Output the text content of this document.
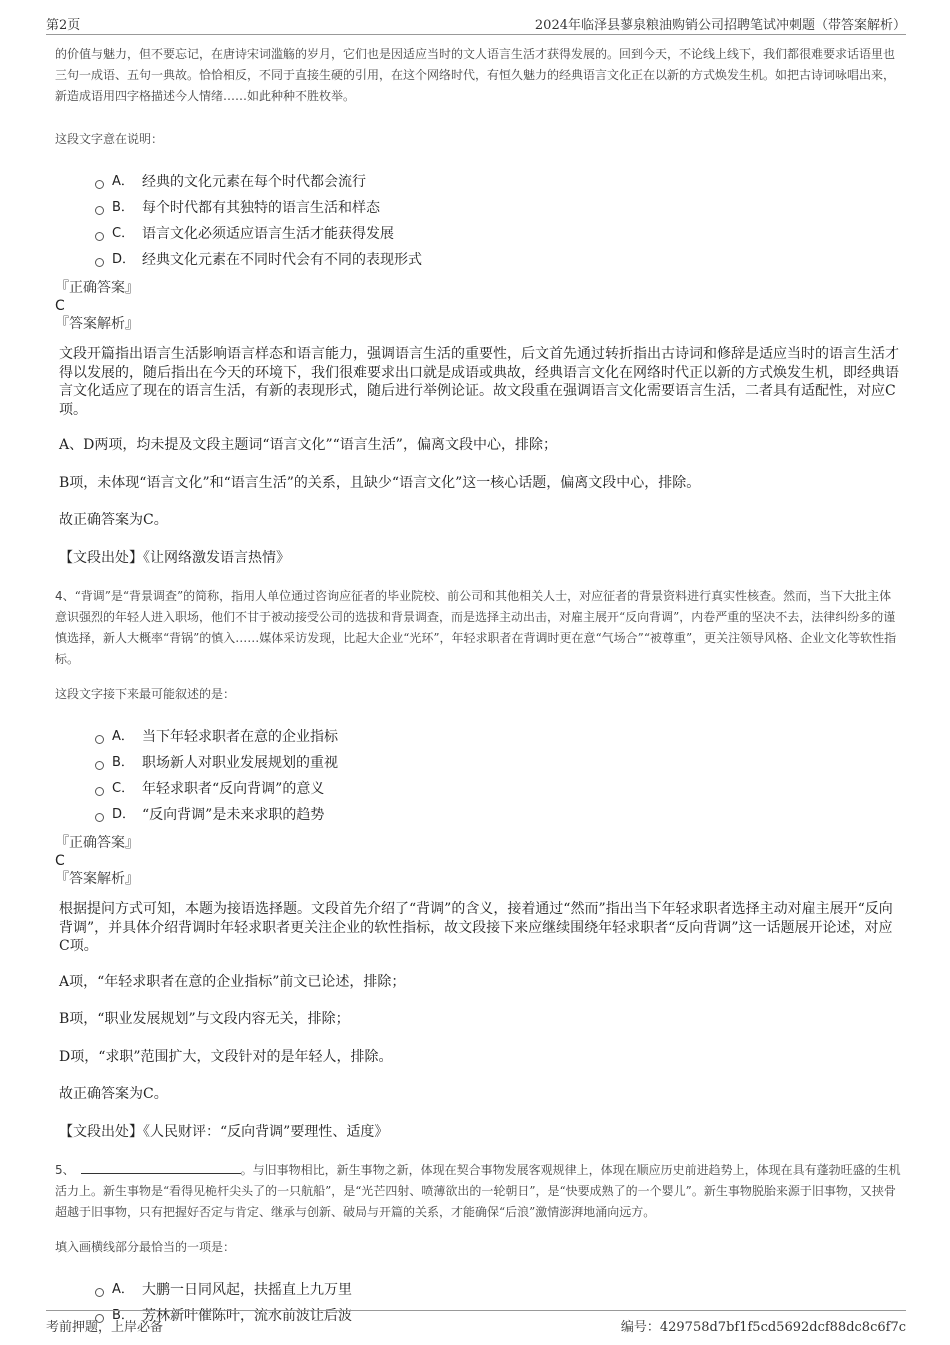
第2页	2024年临泽县蓼泉粮油购销公司招聘笔试冲刺题（带答案解析）

的价值与魅力，但不要忘记，在唐诗宋词滥觞的岁月，它们也是因适应当时的文人语言生活才获得发展的。回到今天，不论线上线下，我们都很难要求话语里也三句一成语、五句一典故。恰恰相反，不同于直接生硬的引用，在这个网络时代，有恒久魅力的经典语言文化正在以新的方式焕发生机。如把古诗词咏唱出来，新造成语用四字格描述今人情绪……如此种种不胜枚举。

这段文字意在说明：

A． 经典的文化元素在每个时代都会流行
B． 每个时代都有其独特的语言生活和样态
C． 语言文化必须适应语言生活才能获得发展
D． 经典文化元素在不同时代会有不同的表现形式

『正确答案』

C

『答案解析』

文段开篇指出语言生活影响语言样态和语言能力，强调语言生活的重要性，后文首先通过转折指出古诗词和修辞是适应当时的语言生活才得以发展的，随后指出在今天的环境下，我们很难要求出口就是成语或典故，经典语言文化在网络时代正以新的方式焕发生机，即经典语言文化适应了现在的语言生活，有新的表现形式，随后进行举例论证。故文段重在强调语言文化需要语言生活，二者具有适配性，对应C项。

A、D两项，均未提及文段主题词“语言文化”“语言生活”，偏离文段中心，排除；

B项，未体现“语言文化”和“语言生活”的关系，且缺少“语言文化”这一核心话题，偏离文段中心，排除。

故正确答案为C。

【文段出处】《让网络激发语言热情》

4、“背调”是“背景调查”的简称，指用人单位通过咨询应征者的毕业院校、前公司和其他相关人士，对应征者的背景资料进行真实性核查。然而，当下大批主体意识强烈的年轻人进入职场，他们不甘于被动接受公司的选拔和背景调查，而是选择主动出击，对雇主展开“反向背调”，内卷严重的坚决不去，法律纠纷多的谨慎选择，新人大概率“背锅”的慎入……媒体采访发现，比起大企业“光环”，年轻求职者在背调时更在意“气场合”“被尊重”，更关注领导风格、企业文化等软性指标。

这段文字接下来最可能叙述的是：

A． 当下年轻求职者在意的企业指标
B． 职场新人对职业发展规划的重视
C． 年轻求职者“反向背调”的意义
D． “反向背调”是未来求职的趋势

『正确答案』

C

『答案解析』

根据提问方式可知，本题为接语选择题。文段首先介绍了“背调”的含义，接着通过“然而”指出当下年轻求职者选择主动对雇主展开“反向背调”，并具体介绍背调时年轻求职者更关注企业的软性指标，故文段接下来应继续围绕年轻求职者“反向背调”这一话题展开论述，对应C项。

A项，“年轻求职者在意的企业指标”前文已论述，排除；

B项，“职业发展规划”与文段内容无关，排除；

D项，“求职”范围扩大，文段针对的是年轻人，排除。

故正确答案为C。

【文段出处】《人民财评：“反向背调”要理性、适度》

5、	。与旧事物相比，新生事物之新，体现在契合事物发展客观规律上，体现在顺应历史前进趋势上，体现在具有蓬勃旺盛的生机活力上。新生事物是“看得见桅杆尖头了的一只航船”，是“光芒四射、喷薄欲出的一轮朝日”，是“快要成熟了的一个婴儿”。新生事物脱胎来源于旧事物，又挟骨超越于旧事物，只有把握好否定与肯定、继承与创新、破局与开篇的关系，才能确保“后浪”激情澎湃地涌向远方。

填入画横线部分最恰当的一项是：

A． 大鹏一日同风起，扶摇直上九万里
B． 芳林新叶催陈叶，流水前波让后波
考前押题，上岸必备	编号：429758d7bf1f5cd5692dcf88dc8c6f7c
